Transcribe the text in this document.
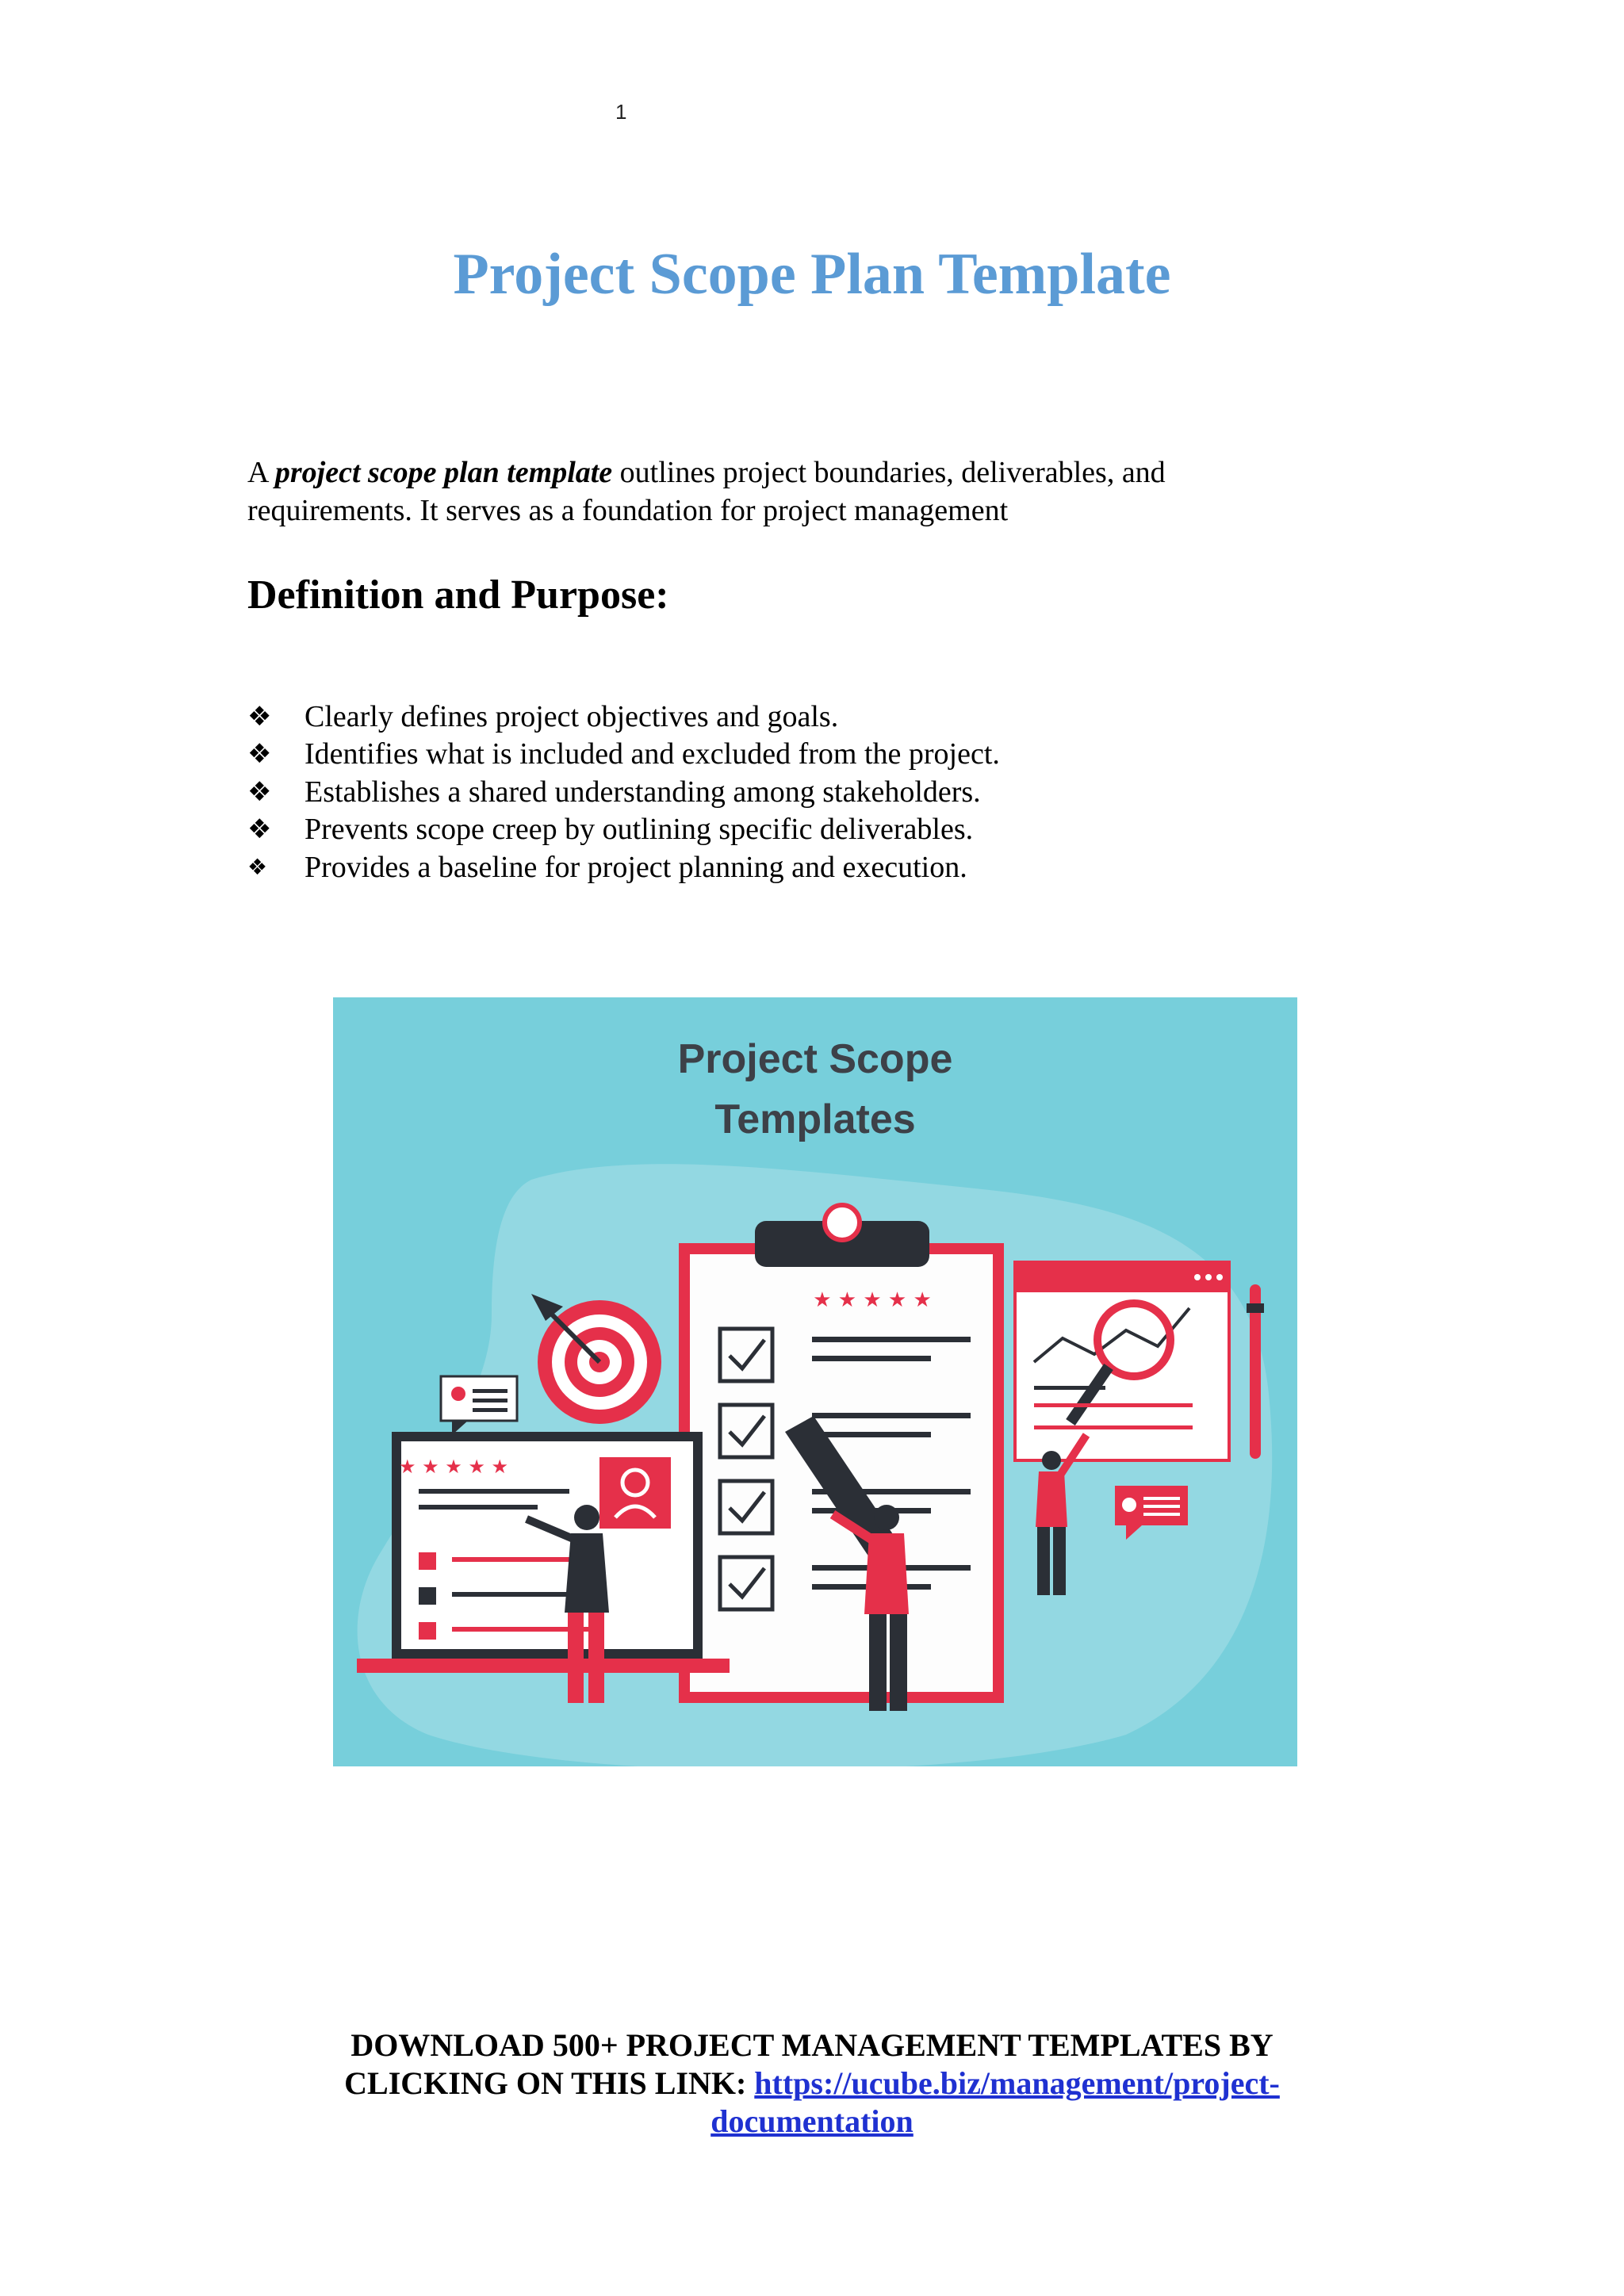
1
Project Scope Plan Template

A project scope plan template outlines project boundaries, deliverables, and
requirements. It serves as a foundation for project management

Definition and Purpose:
❖	Clearly defines project objectives and goals.
❖	Identifies what is included and excluded from the project.
❖	Establishes a shared understanding among stakeholders.
❖	Prevents scope creep by outlining specific deliverables.
❖	Provides a baseline for project planning and execution.
Project Scope
Templates
★ ★ ★ ★ ★
★ ★ ★ ★ ★
DOWNLOAD 500+ PROJECT MANAGEMENT TEMPLATES BY
CLICKING ON THIS LINK: https://ucube.biz/management/project-
documentation
